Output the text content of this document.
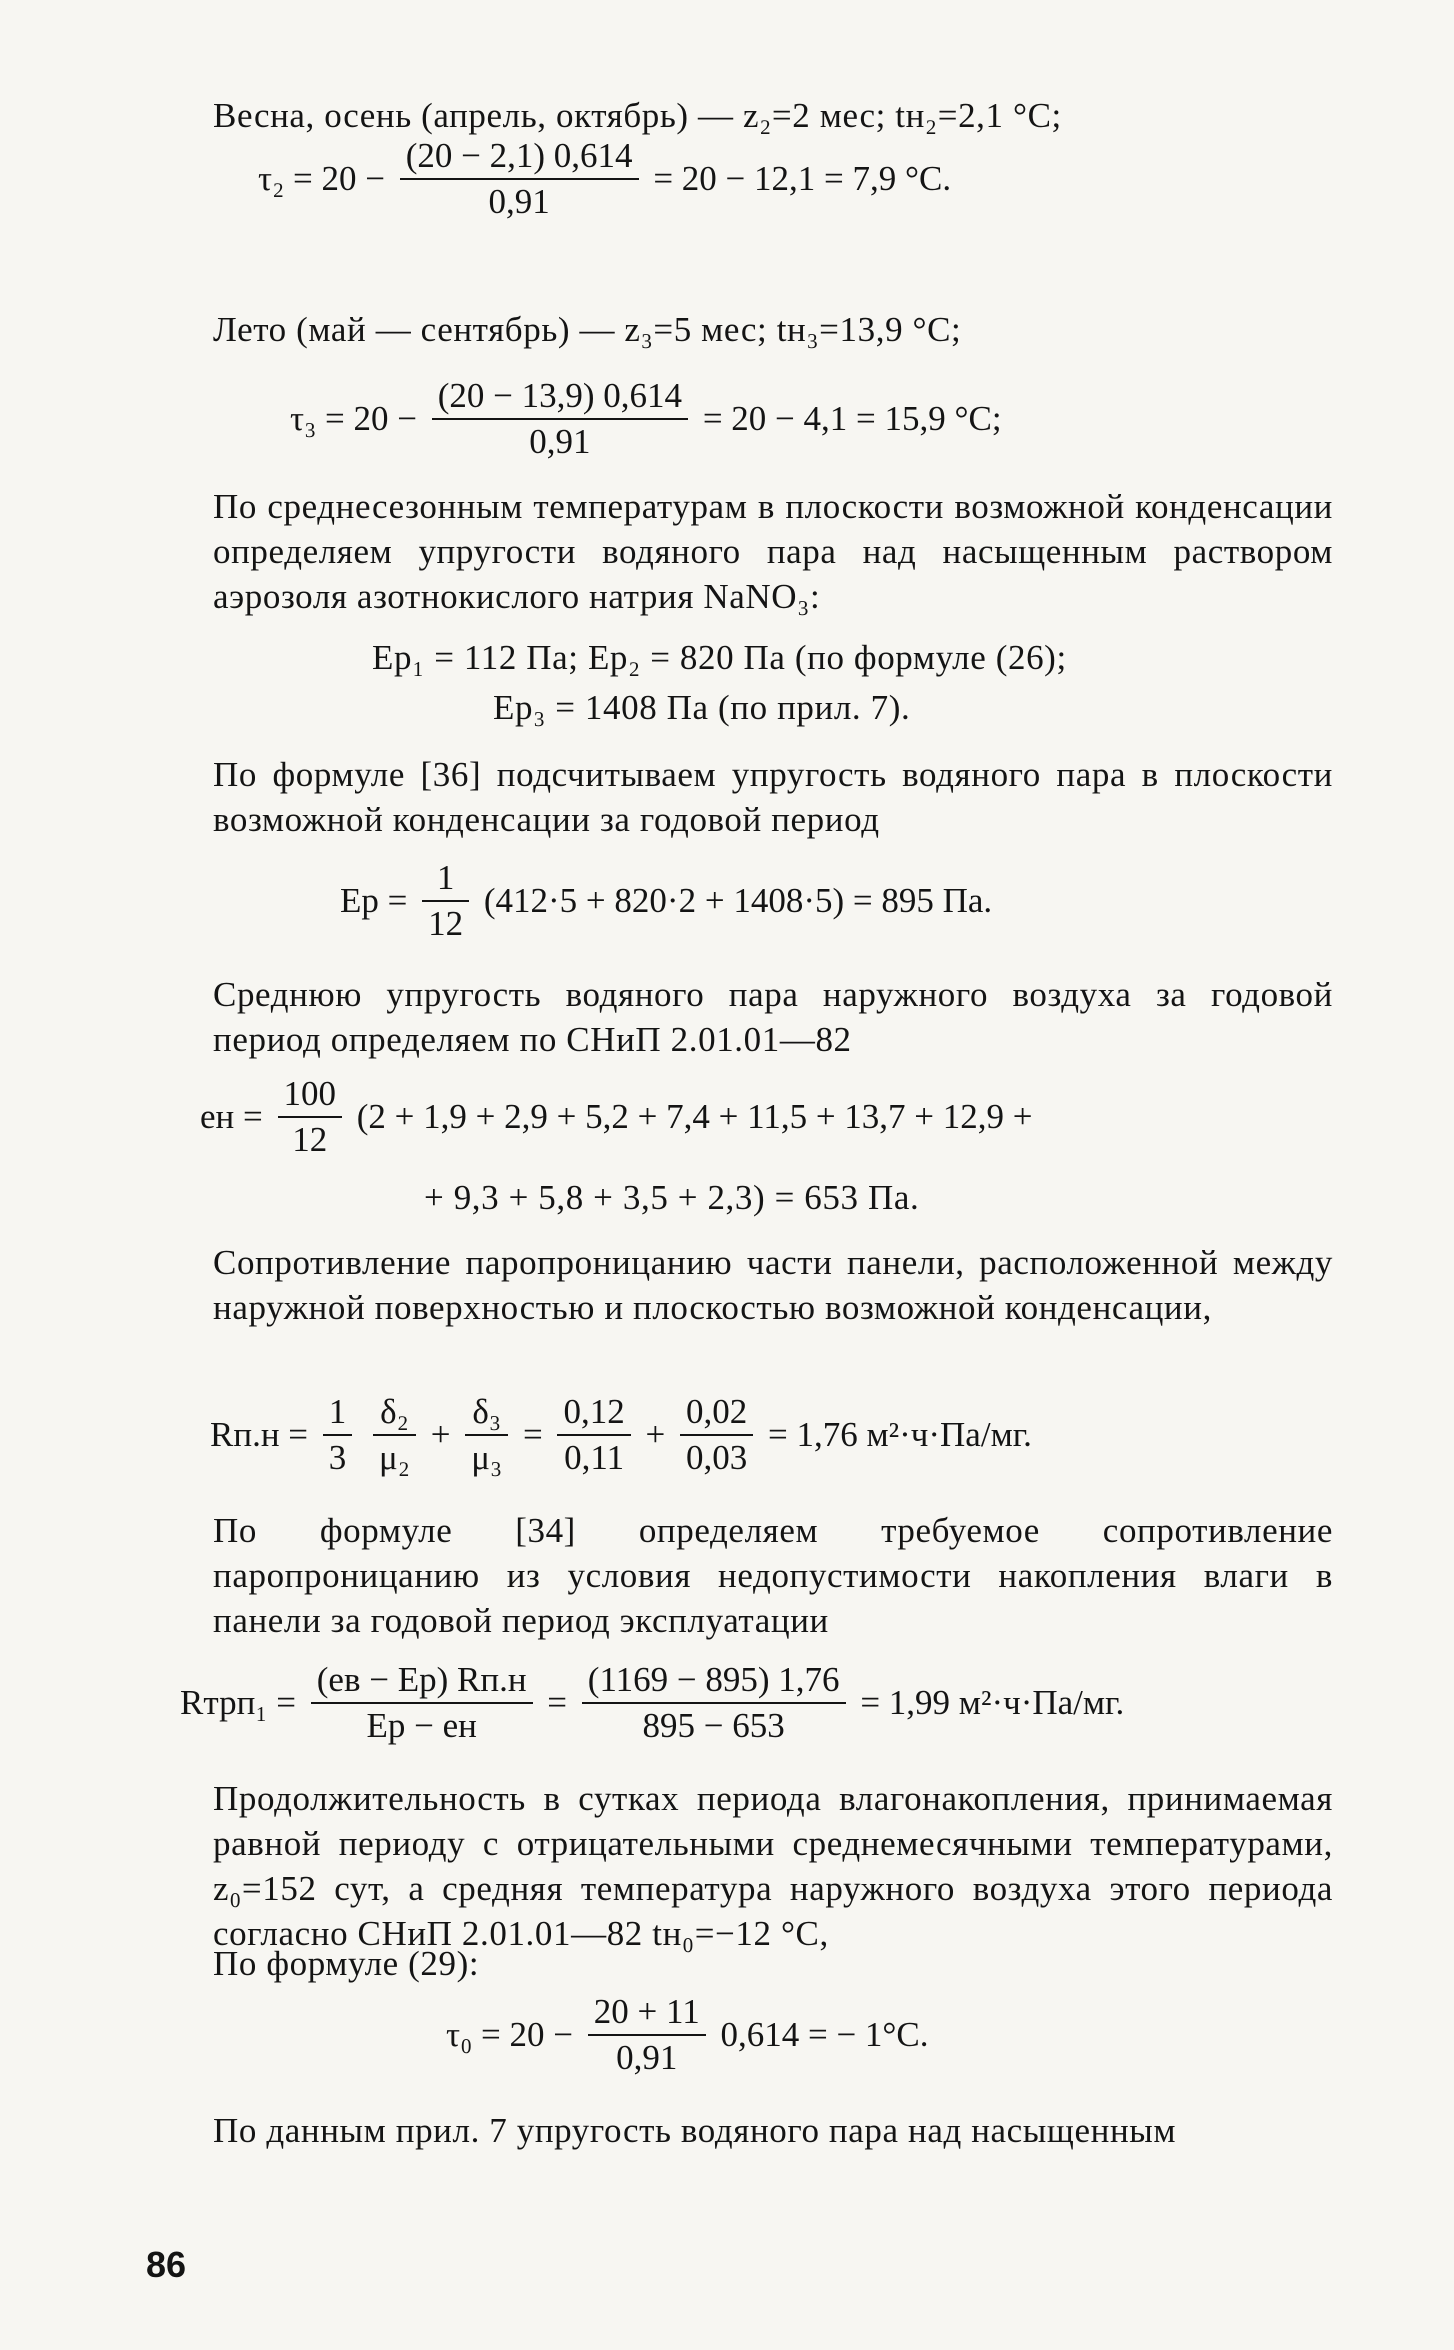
Весна, осень (апрель, октябрь) — z₂=2 мес; tн₂=2,1 °С;
$\tau_2 = 20 - \frac{(20 - 2,1) 0,614}{0,91} = 20 - 12,1 = 7,9$ °С.
Лето (май — сентябрь) — z₃=5 мес; tн₃=13,9 °С;
$\tau_3 = 20 - \frac{(20 - 13,9) 0,614}{0,91} = 20 - 4,1 = 15,9$ °С;
По среднесезонным температурам в плоскости возможной конденсации определяем упругости водяного пара над насыщенным раствором аэрозоля азотнокислого натрия NaNO₃:
Eр₁ = 112 Па; Eр₂ = 820 Па (по формуле (26);
Eр₃ = 1408 Па (по прил. 7).
По формуле [36] подсчитываем упругость водяного пара в плоскости возможной конденсации за годовой период
Eр = $\frac{1}{12} (412\cdot 5 + 820\cdot 2 + 1408\cdot 5) = 895$ Па.
Среднюю упругость водяного пара наружного воздуха за годовой период определяем по СНиП 2.01.01—82
eн = $\frac{100}{12} (2 + 1,9 + 2,9 + 5,2 + 7,4 + 11,5 + 13,7 + 12,9$ +
+ 9,3 + 5,8 + 3,5 + 2,3) = 653 Па.
Сопротивление паропроницанию части панели, расположенной между наружной поверхностью и плоскостью возможной конденсации,
$Rп.н = \frac{1}{3}$
$\frac{\text{δ₂}}{\text{μ₂}} + \frac{\text{δ₃}}{\text{μ₃}} = \frac{0,12}{0,11} + \frac{0,02}{0,03} = 1,76$ м²·ч·Па/мг.
По формуле [34] определяем требуемое сопротивление паропроницанию из условия недопустимости накопления влаги в панели за годовой период эксплуатации
Rтрп₁ = $\frac{(eв - Eр) Rп.н}{Eр - eн} = \frac{(1169 - 895) 1,76}{895 - 653} = 1,99$ м²·ч·Па/мг.
Продолжительность в сутках периода влагонакопления, принимаемая равной периоду с отрицательными среднемесячными температурами, z₀=152 сут, а средняя температура наружного воздуха этого периода согласно СНиП 2.01.01—82 tн₀=−12 °С,
По формуле (29):
$\tau_0 = 20 - \frac{20 + 11}{0,91} 0,614$ = − 1°С.
По данным прил. 7 упругость водяного пара над насыщенным
86
